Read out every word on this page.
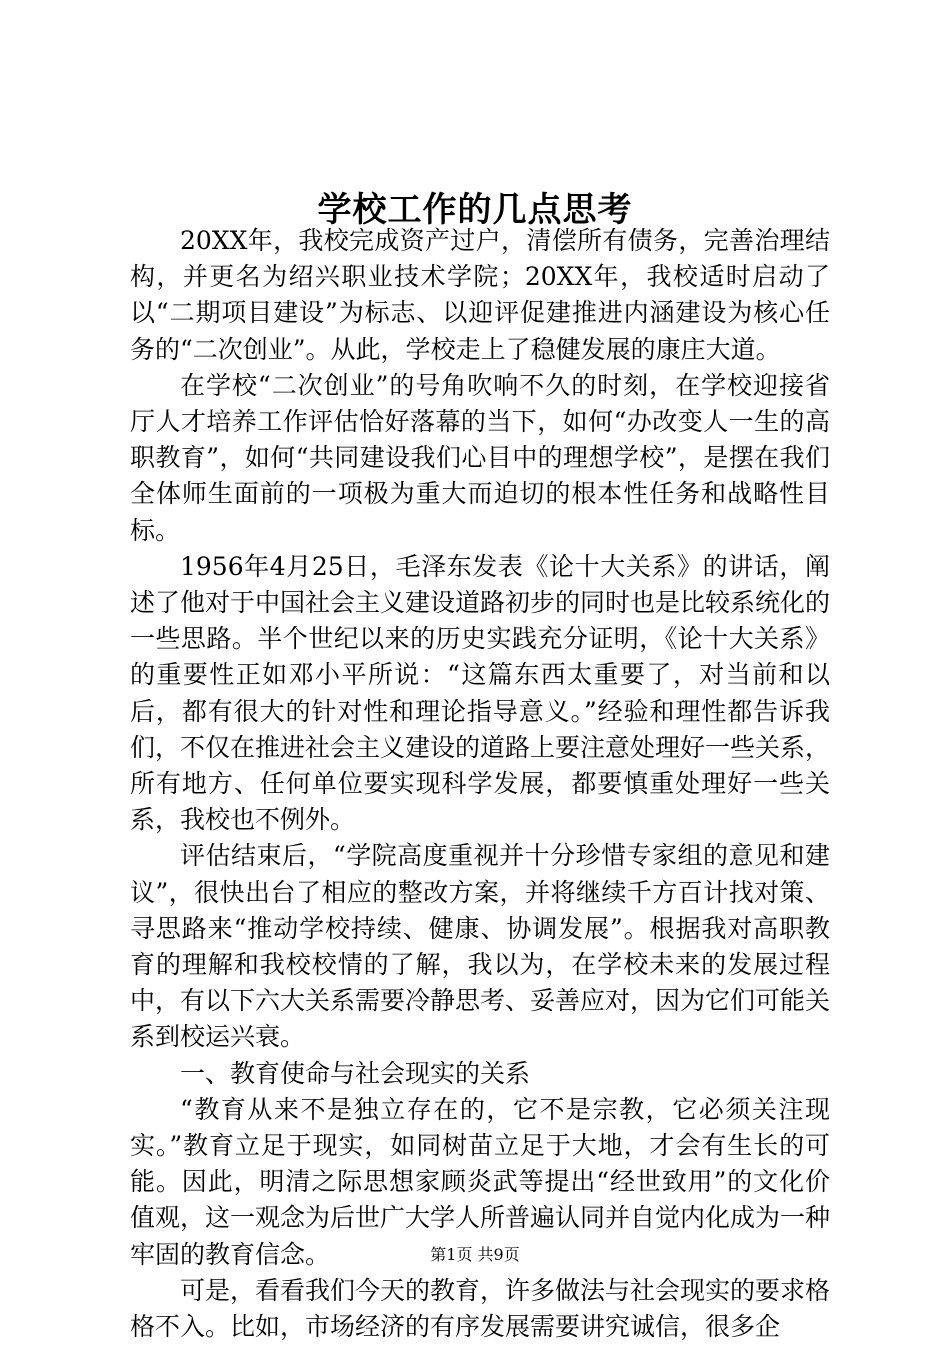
学校工作的几点思考

20XX年，我校完成资产过户，清偿所有债务，完善治理结构，并更名为绍兴职业技术学院；20XX年，我校适时启动了以“二期项目建设”为标志、以迎评促建推进内涵建设为核心任务的“二次创业”。从此，学校走上了稳健发展的康庄大道。

在学校“二次创业”的号角吹响不久的时刻，在学校迎接省厅人才培养工作评估恰好落幕的当下，如何“办改变人一生的高职教育”，如何“共同建设我们心目中的理想学校”，是摆在我们全体师生面前的一项极为重大而迫切的根本性任务和战略性目标。

1956年4月25日，毛泽东发表《论十大关系》的讲话，阐述了他对于中国社会主义建设道路初步的同时也是比较系统化的一些思路。半个世纪以来的历史实践充分证明，《论十大关系》的重要性正如邓小平所说：“这篇东西太重要了，对当前和以后，都有很大的针对性和理论指导意义。”经验和理性都告诉我们，不仅在推进社会主义建设的道路上要注意处理好一些关系，所有地方、任何单位要实现科学发展，都要慎重处理好一些关系，我校也不例外。

评估结束后，“学院高度重视并十分珍惜专家组的意见和建议”，很快出台了相应的整改方案，并将继续千方百计找对策、寻思路来“推动学校持续、健康、协调发展”。根据我对高职教育的理解和我校校情的了解，我以为，在学校未来的发展过程中，有以下六大关系需要冷静思考、妥善应对，因为它们可能关系到校运兴衰。

一、教育使命与社会现实的关系

“教育从来不是独立存在的，它不是宗教，它必须关注现实。”教育立足于现实，如同树苗立足于大地，才会有生长的可能。因此，明清之际思想家顾炎武等提出“经世致用”的文化价值观，这一观念为后世广大学人所普遍认同并自觉内化成为一种牢固的教育信念。

可是，看看我们今天的教育，许多做法与社会现实的要求格格不入。比如，市场经济的有序发展需要讲究诚信，很多企

第1页 共9页
